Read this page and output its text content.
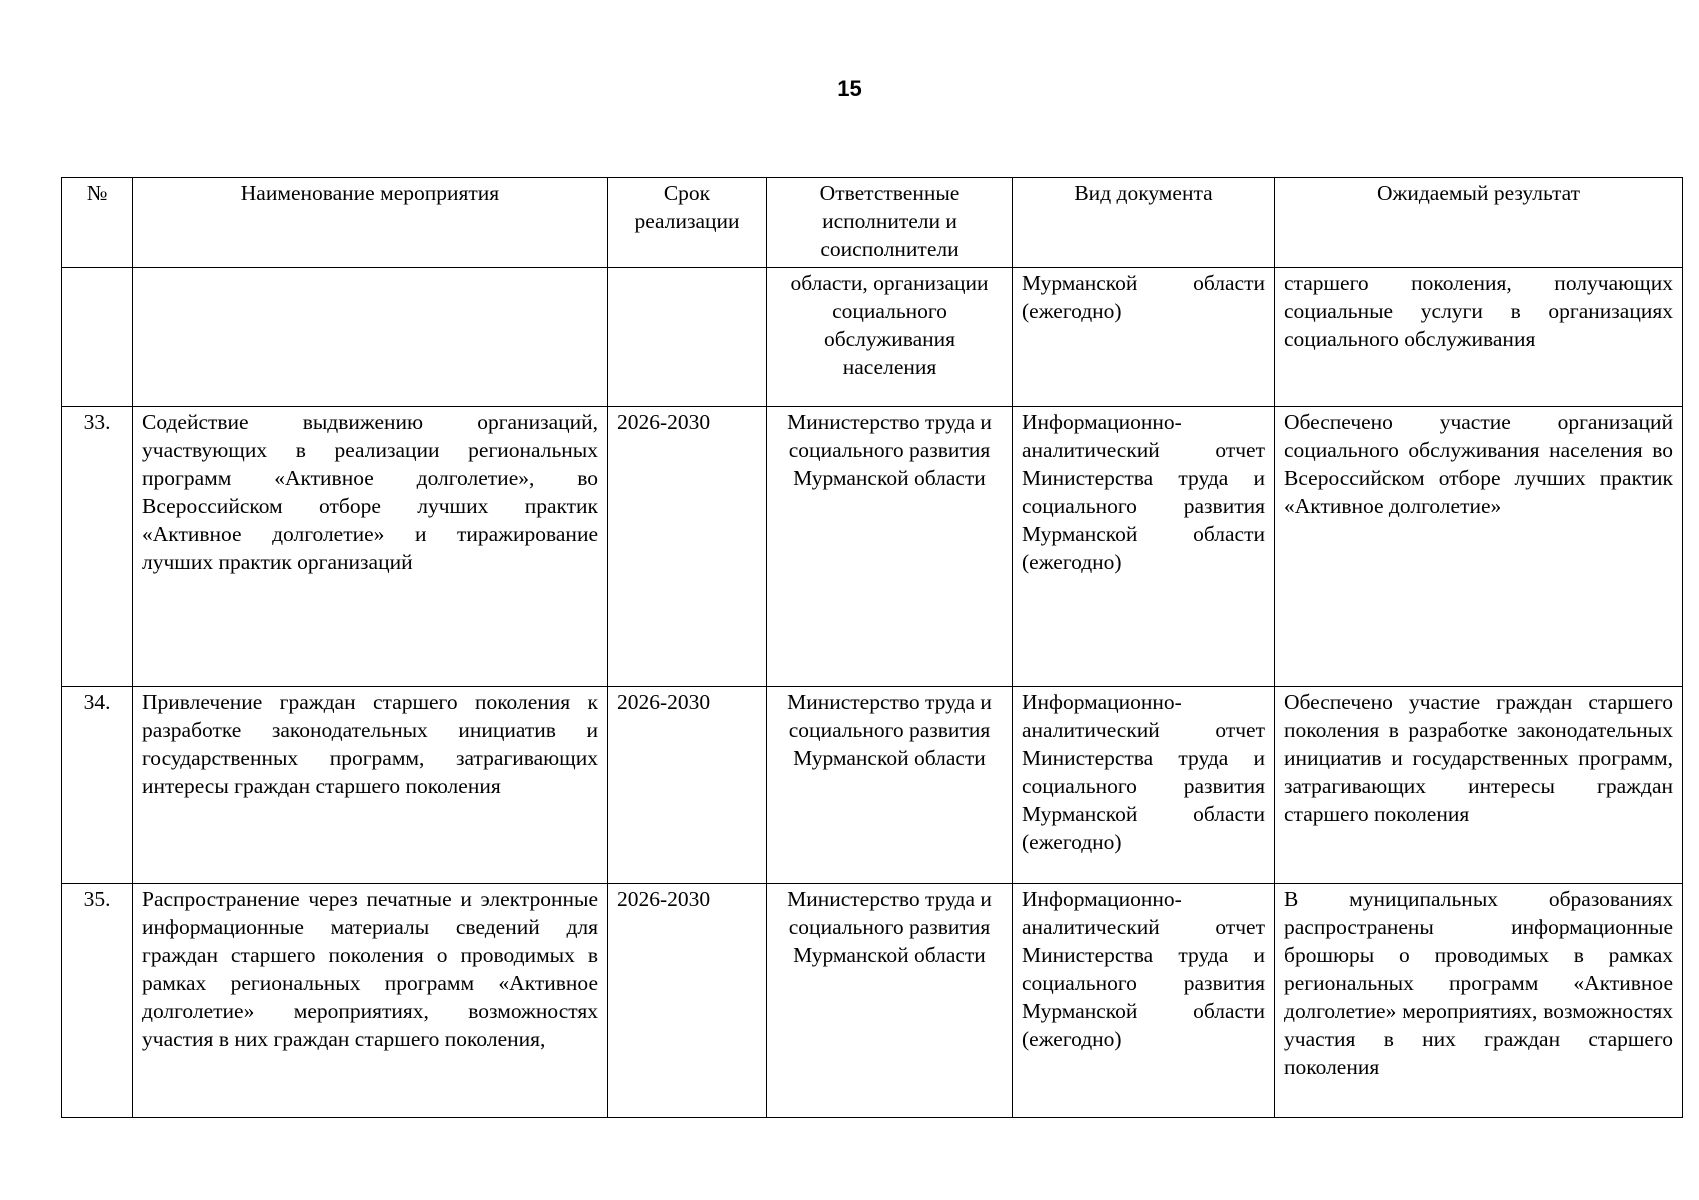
15
№	Наименование мероприятия	Срок реализации	Ответственные исполнители и соисполнители	Вид документа	Ожидаемый результат
			области, организации социального обслуживания населения	Мурманской области (ежегодно)	старшего поколения, получающих социальные услуги в организациях социального обслуживания
33.	Содействие выдвижению организаций, участвующих в реализации региональных программ «Активное долголетие», во Всероссийском отборе лучших практик «Активное долголетие» и тиражирование лучших практик организаций	2026-2030	Министерство труда и социального развития Мурманской области	Информационно-аналитический отчет Министерства труда и социального развития Мурманской области (ежегодно)	Обеспечено участие организаций социального обслуживания населения во Всероссийском отборе лучших практик «Активное долголетие»
34.	Привлечение граждан старшего поколения к разработке законодательных инициатив и государственных программ, затрагивающих интересы граждан старшего поколения	2026-2030	Министерство труда и социального развития Мурманской области	Информационно-аналитический отчет Министерства труда и социального развития Мурманской области (ежегодно)	Обеспечено участие граждан старшего поколения в разработке законодательных инициатив и государственных программ, затрагивающих интересы граждан старшего поколения
35.	Распространение через печатные и электронные информационные материалы сведений для граждан старшего поколения о проводимых в рамках региональных программ «Активное долголетие» мероприятиях, возможностях участия в них граждан старшего поколения,	2026-2030	Министерство труда и социального развития Мурманской области	Информационно-аналитический отчет Министерства труда и социального развития Мурманской области (ежегодно)	В муниципальных образованиях распространены информационные брошюры о проводимых в рамках региональных программ «Активное долголетие» мероприятиях, возможностях участия в них граждан старшего поколения
